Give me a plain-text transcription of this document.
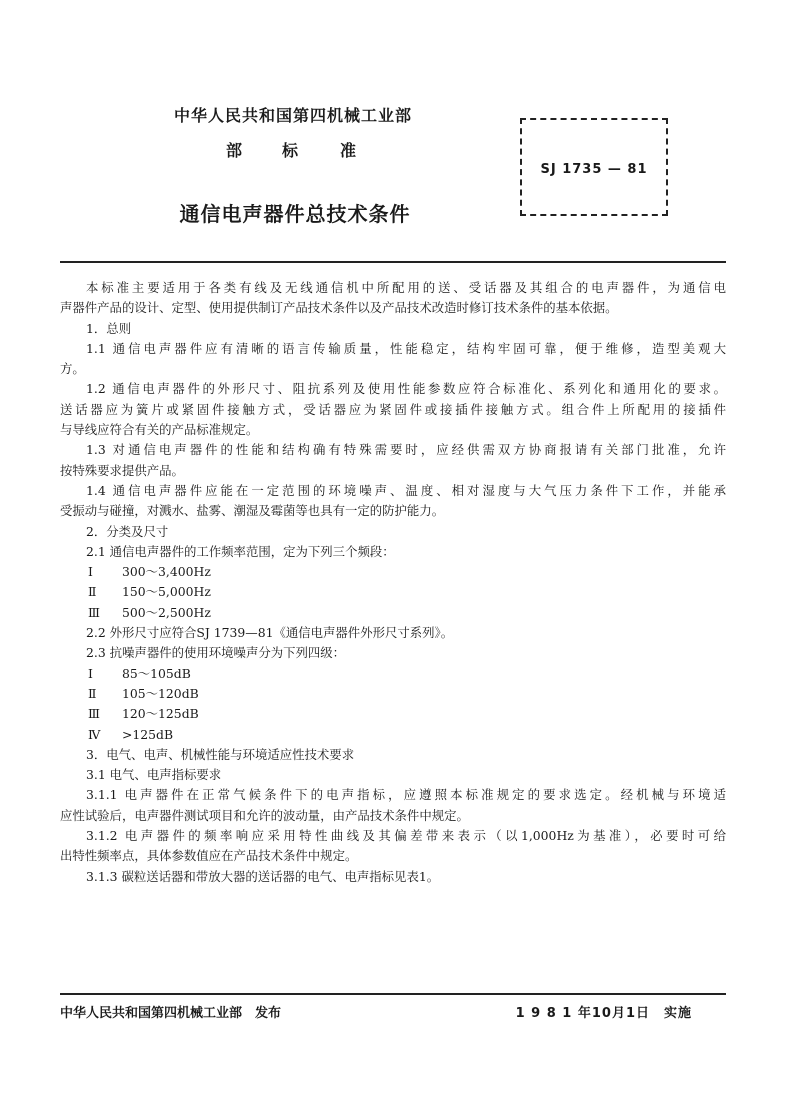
中华人民共和国第四机械工业部
部 标	准
SJ 1735 — 81
通信电声器件总技术条件
本标准主要适用于各类有线及无线通信机中所配用的送、受话器及其组合的电声器件，为通信电
声器件产品的设计、定型、使用提供制订产品技术条件以及产品技术改造时修订技术条件的基本依据。
1．总则
1.1 通信电声器件应有清晰的语言传输质量，性能稳定，结构牢固可靠，便于维修，造型美观大
方。
1.2 通信电声器件的外形尺寸、阻抗系列及使用性能参数应符合标准化、系列化和通用化的要求。
送话器应为簧片或紧固件接触方式，受话器应为紧固件或接插件接触方式。组合件上所配用的接插件
与导线应符合有关的产品标准规定。
1.3 对通信电声器件的性能和结构确有特殊需要时，应经供需双方协商报请有关部门批准，允许
按特殊要求提供产品。
1.4 通信电声器件应能在一定范围的环境噪声、温度、相对湿度与大气压力条件下工作，并能承
受振动与碰撞，对溅水、盐雾、潮湿及霉菌等也具有一定的防护能力。
2．分类及尺寸
2.1 通信电声器件的工作频率范围，定为下列三个频段：
Ⅰ 300～3,400Hz
Ⅱ 150～5,000Hz
Ⅲ 500～2,500Hz
2.2 外形尺寸应符合SJ 1739—81《通信电声器件外形尺寸系列》。
2.3 抗噪声器件的使用环境噪声分为下列四级：
Ⅰ 85～105dB
Ⅱ 105～120dB
Ⅲ 120～125dB
Ⅳ >125dB
3．电气、电声、机械性能与环境适应性技术要求
3.1 电气、电声指标要求
3.1.1 电声器件在正常气候条件下的电声指标，应遵照本标准规定的要求选定。经机械与环境适
应性试验后，电声器件测试项目和允许的波动量，由产品技术条件中规定。
3.1.2 电声器件的频率响应采用特性曲线及其偏差带来表示（以1,000Hz为基准），必要时可给
出特性频率点，具体参数值应在产品技术条件中规定。
3.1.3 碳粒送话器和带放大器的送话器的电气、电声指标见表1。
中华人民共和国第四机械工业部　发布	1 9 8 1 年10月1日　实施
